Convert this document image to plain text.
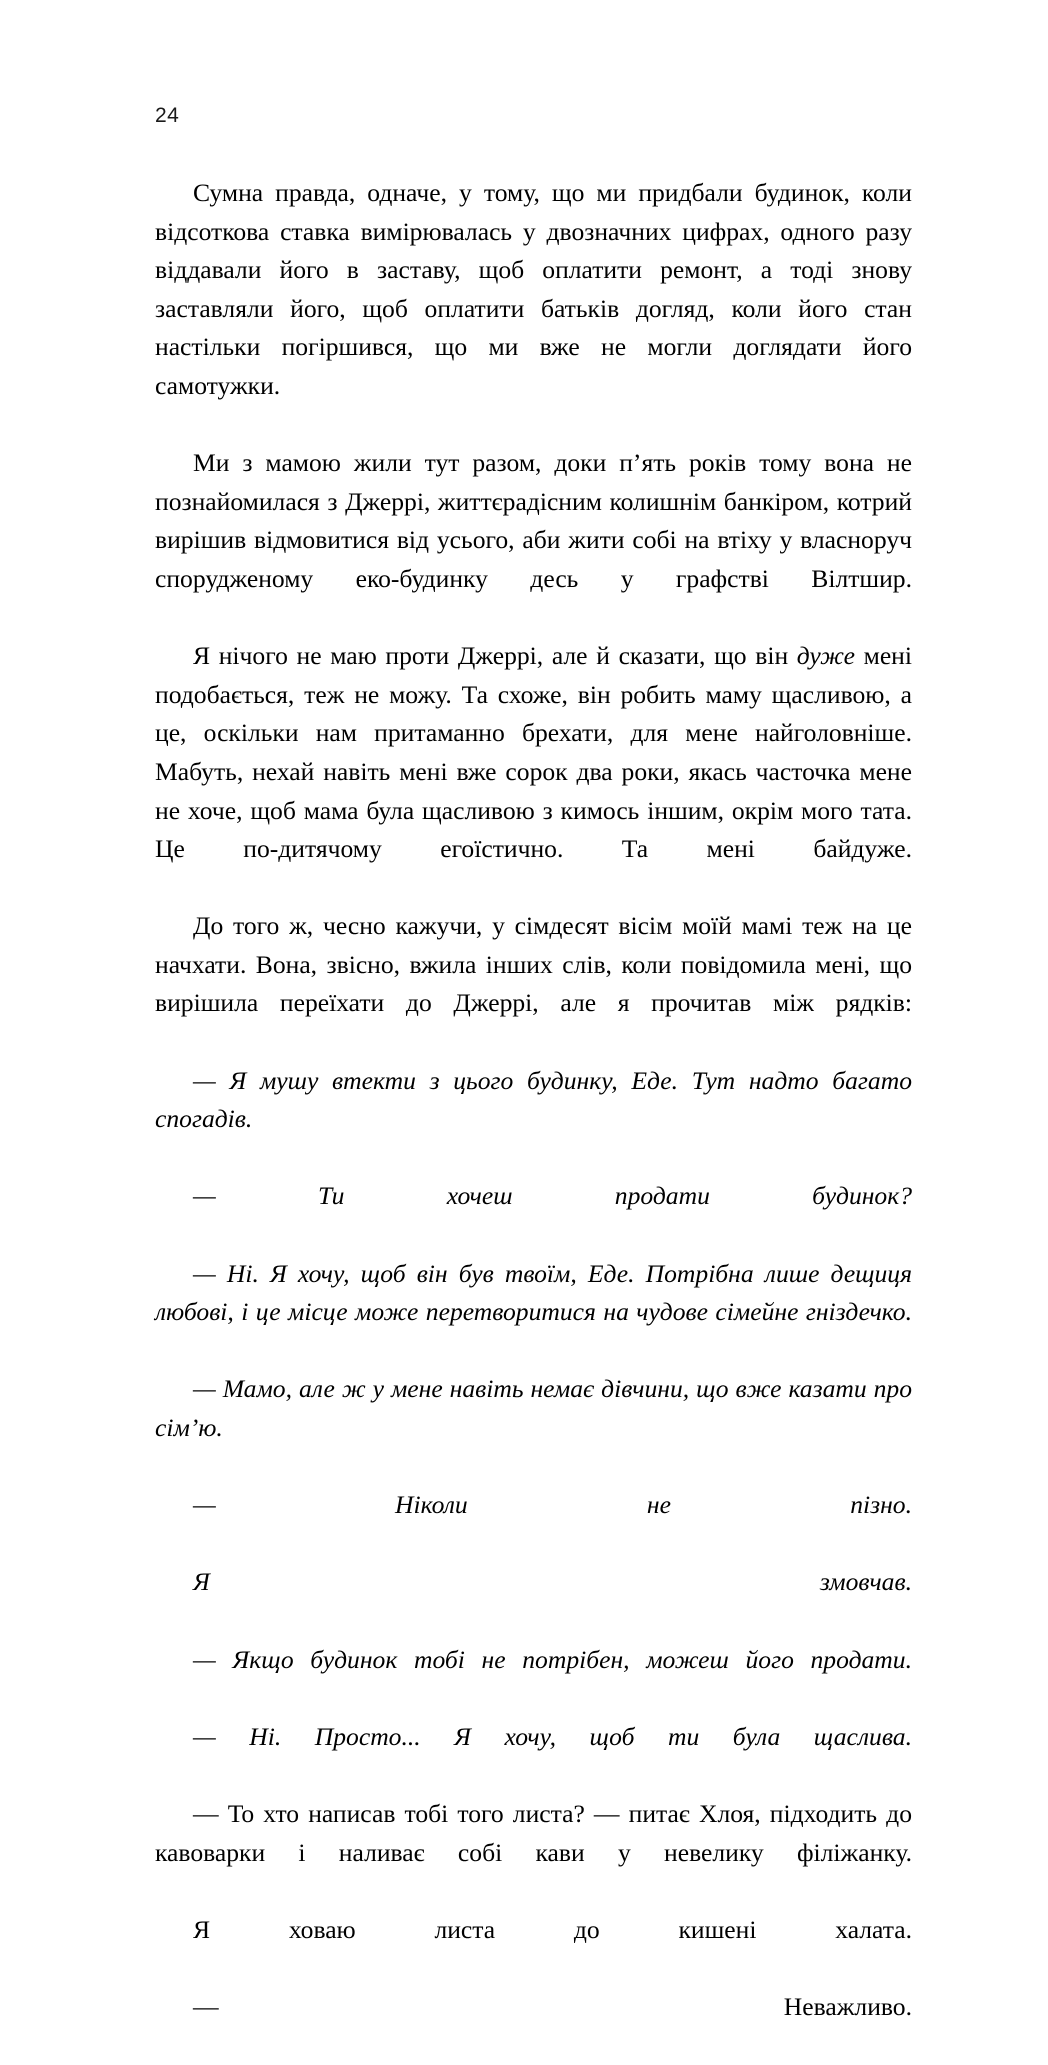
24

Сумна правда, одначе, у тому, що ми придбали будинок, коли відсоткова ставка вимірювалась у двозначних цифрах, одного разу віддавали його в заставу, щоб оплатити ремонт, а тоді знову заставляли його, щоб оплатити батьків догляд, коли його стан настільки погіршився, що ми вже не могли доглядати його самотужки.

Ми з мамою жили тут разом, доки п’ять років тому вона не познайомилася з Джеррі, життєрадісним колишнім банкіром, котрий вирішив відмовитися від усього, аби жити собі на втіху у власноруч спорудженому еко-будинку десь у графстві Вілтшир.

Я нічого не маю проти Джеррі, але й сказати, що він дуже мені подобається, теж не можу. Та схоже, він робить маму щасливою, а це, оскільки нам притаманно брехати, для мене найголовніше. Мабуть, нехай навіть мені вже сорок два роки, якась часточка мене не хоче, щоб мама була щасливою з кимось іншим, окрім мого тата. Це по-дитячому егоїстично. Та мені байдуже.

До того ж, чесно кажучи, у сімдесят вісім моїй мамі теж на це начхати. Вона, звісно, вжила інших слів, коли повідомила мені, що вирішила переїхати до Джеррі, але я прочитав між рядків:

— Я мушу втекти з цього будинку, Еде. Тут надто багато спогадів.

— Ти хочеш продати будинок?

— Ні. Я хочу, щоб він був твоїм, Еде. Потрібна лише дещиця любові, і це місце може перетворитися на чудове сімейне гніздечко.

— Мамо, але ж у мене навіть немає дівчини, що вже казати про сім’ю.

— Ніколи не пізно.

Я змовчав.

— Якщо будинок тобі не потрібен, можеш його продати.

— Ні. Просто... Я хочу, щоб ти була щаслива.

— То хто написав тобі того листа? — питає Хлоя, підходить до кавоварки і наливає собі кави у невелику філіжанку.

Я ховаю листа до кишені халата.

— Неважливо.
